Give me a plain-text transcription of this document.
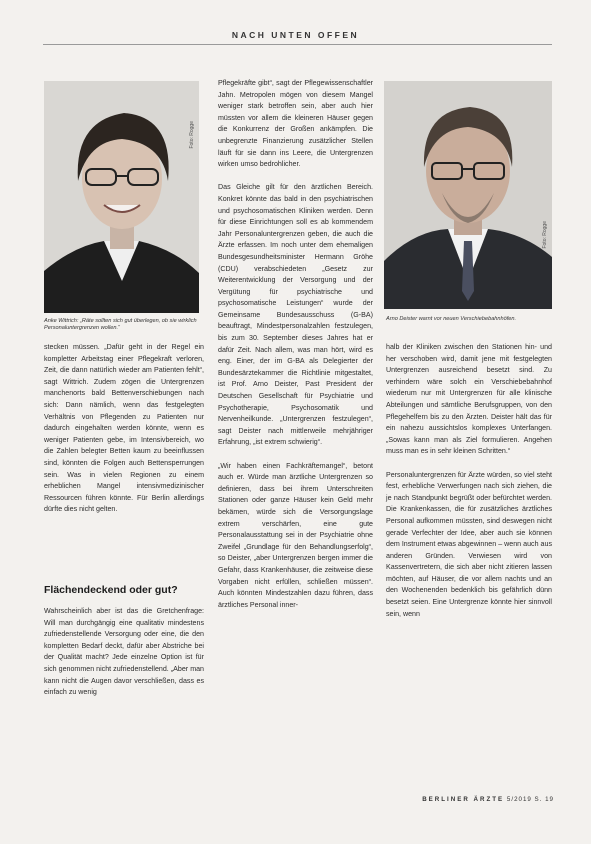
NACH UNTEN OFFEN
Foto: Rogge
Anke Wittrich: „Räte sollten sich gut überlegen, ob sie wirklich Personaluntergrenzen wollen.“
Foto: Rogge
Arno Deister warnt vor neuen Verschiebebahnhöfen.

stecken müssen. „Dafür geht in der Regel ein kompletter Arbeitstag einer Pflegekraft verloren, Zeit, die dann natürlich wieder am Patienten fehlt“, sagt Wittrich. Zudem zögen die Untergrenzen manchenorts bald Bettenverschiebungen nach sich: Dann nämlich, wenn das festgelegten Verhältnis von Pflegenden zu Patienten nur dadurch eingehalten werden könnte, wenn es weniger Patienten gebe, im Intensivbereich, wo die Zahlen belegter Betten kaum zu beeinflussen sind, könnten die Folgen auch Bettensperrungen sein. Was in vielen Regionen zu einem erheblichen Mangel intensivmedizinischer Ressourcen führen könnte. Für Berlin allerdings dürfte dies nicht gelten.

Flächendeckend oder gut?

Wahrscheinlich aber ist das die Gretchenfrage: Will man durchgängig eine qualitativ mindestens zufriedenstellende Versorgung oder eine, die den kompletten Bedarf deckt, dafür aber Abstriche bei der Qualität macht? Jede einzelne Option ist für sich genommen nicht zufriedenstellend. „Aber man kann nicht die Augen davor verschließen, dass es einfach zu wenig

Pflegekräfte gibt“, sagt der Pflegewissenschaftler Jahn. Metropolen mögen von diesem Mangel weniger stark betroffen sein, aber auch hier müssten vor allem die kleineren Häuser gegen die Konkurrenz der Großen ankämpfen. Die unbegrenzte Finanzierung zusätzlicher Stellen läuft für sie dann ins Leere, die Untergrenzen wirken umso bedrohlicher.

Das Gleiche gilt für den ärztlichen Bereich. Konkret könnte das bald in den psychiatrischen und psychosomatischen Kliniken werden. Denn für diese Einrichtungen soll es ab kommendem Jahr Personaluntergrenzen geben, die auch die Ärzte erfassen. Im noch unter dem ehemaligen Bundesgesundheitsminister Hermann Gröhe (CDU) verabschiedeten „Gesetz zur Weiterentwicklung der Versorgung und der Vergütung für psychiatrische und psychosomatische Leistungen“ wurde der Gemeinsame Bundesausschuss (G-BA) beauftragt, Mindestpersonalzahlen festzulegen, bis zum 30. September dieses Jahres hat er dafür Zeit. Nach allem, was man hört, wird es eng. Einer, der im G-BA als Delegierter der Bundesärztekammer die Richtlinie mitgestaltet, ist Prof. Arno Deister, Past President der Deutschen Gesellschaft für Psychiatrie und Psychotherapie, Psychosomatik und Nervenheilkunde. „Untergrenzen festzulegen“, sagt Deister nach mittlerweile mehrjähriger Erfahrung, „ist extrem schwierig“.

„Wir haben einen Fachkräftemangel“, betont auch er. Würde man ärztliche Untergrenzen so definieren, dass bei ihrem Unterschreiten Stationen oder ganze Häuser kein Geld mehr bekämen, würde sich die Versorgungslage extrem verschärfen, eine gute Personalausstattung sei in der Psychiatrie ohne Zweifel „Grundlage für den Behandlungserfolg“, so Deister, „aber Untergrenzen bergen immer die Gefahr, dass Krankenhäuser, die zeitweise diese Vorgaben nicht erfüllen, schließen müssen“. Auch könnten Mindestzahlen dazu führen, dass ärztliches Personal inner-

halb der Kliniken zwischen den Stationen hin- und her verschoben wird, damit jene mit festgelegten Untergrenzen ausreichend besetzt sind. Zu verhindern wäre solch ein Verschiebebahnhof wiederum nur mit Untergrenzen für alle klinische Abteilungen und sämtliche Berufsgruppen, von den Pflegehelfern bis zu den Ärzten. Deister hält das für ein nahezu aussichtslos komplexes Unterfangen. „Sowas kann man als Ziel formulieren. Angehen muss man es in sehr kleinen Schritten.“

Personaluntergrenzen für Ärzte würden, so viel steht fest, erhebliche Verwerfungen nach sich ziehen, die je nach Standpunkt begrüßt oder befürchtet werden. Die Krankenkassen, die für zusätzliches ärztliches Personal aufkommen müssten, sind deswegen nicht gerade Verfechter der Idee, aber auch sie können dem Instrument etwas abgewinnen – wenn auch aus anderen Gründen. Verwiesen wird von Kassenvertretern, die sich aber nicht zitieren lassen möchten, auf Häuser, die vor allem nachts und an den Wochenenden bedenklich bis gefährlich dünn besetzt seien. Eine Untergrenze könnte hier sinnvoll sein, wenn

BERLINER ÄRZTE 5/2019 S. 19
